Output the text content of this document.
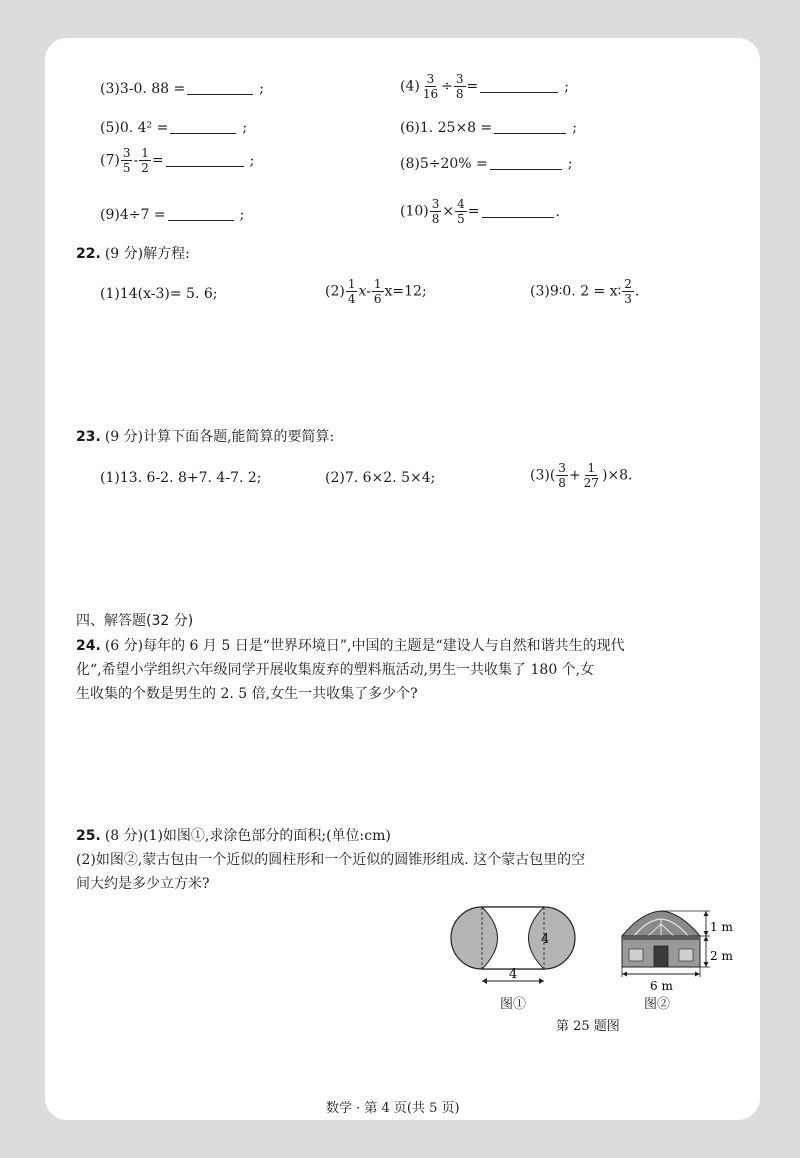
(3)3-0. 88 =	;	$(4) \frac{3}{16} \div \frac{3}{8}$ =	;
(5)0. 4² =	;	(6)1. 25×8 =	;
$(7) \frac{3}{5} - \frac{1}{2}$ =	;	(8)5÷20% =	;
(9)4÷7 =	;	$(10) \frac{3}{8} \times \frac{4}{5}$ =	.
22. (9 分)解方程:
(1)14(x-3)= 5. 6;	$(2) \frac{1}{4} x- \frac{1}{6} x=12$;	(3)9∶0. 2 = x∶ $\frac{2}{3}$ .
23. (9 分)计算下面各题,能简算的要简算:
(1)13. 6-2. 8+7. 4-7. 2;	(2)7. 6×2. 5×4;	$(3)( \frac{3}{8} + \frac{1}{27} )\times 8$.
四、解答题(32 分)
24. (6 分)每年的 6 月 5 日是“世界环境日”,中国的主题是“建设人与自然和谐共生的现代
化“,希望小学组织六年级同学开展收集废弃的塑料瓶活动,男生一共收集了 180 个,女
生收集的个数是男生的 2. 5 倍,女生一共收集了多少个?
25. (8 分)(1)如图①,求涂色部分的面积;(单位:cm)
(2)如图②,蒙古包由一个近似的圆柱形和一个近似的圆锥形组成. 这个蒙古包里的空
间大约是多少立方米?
4
4
图①
1 m
2 m
6 m
图②
第 25 题图
数学 · 第 4 页(共 5 页)
